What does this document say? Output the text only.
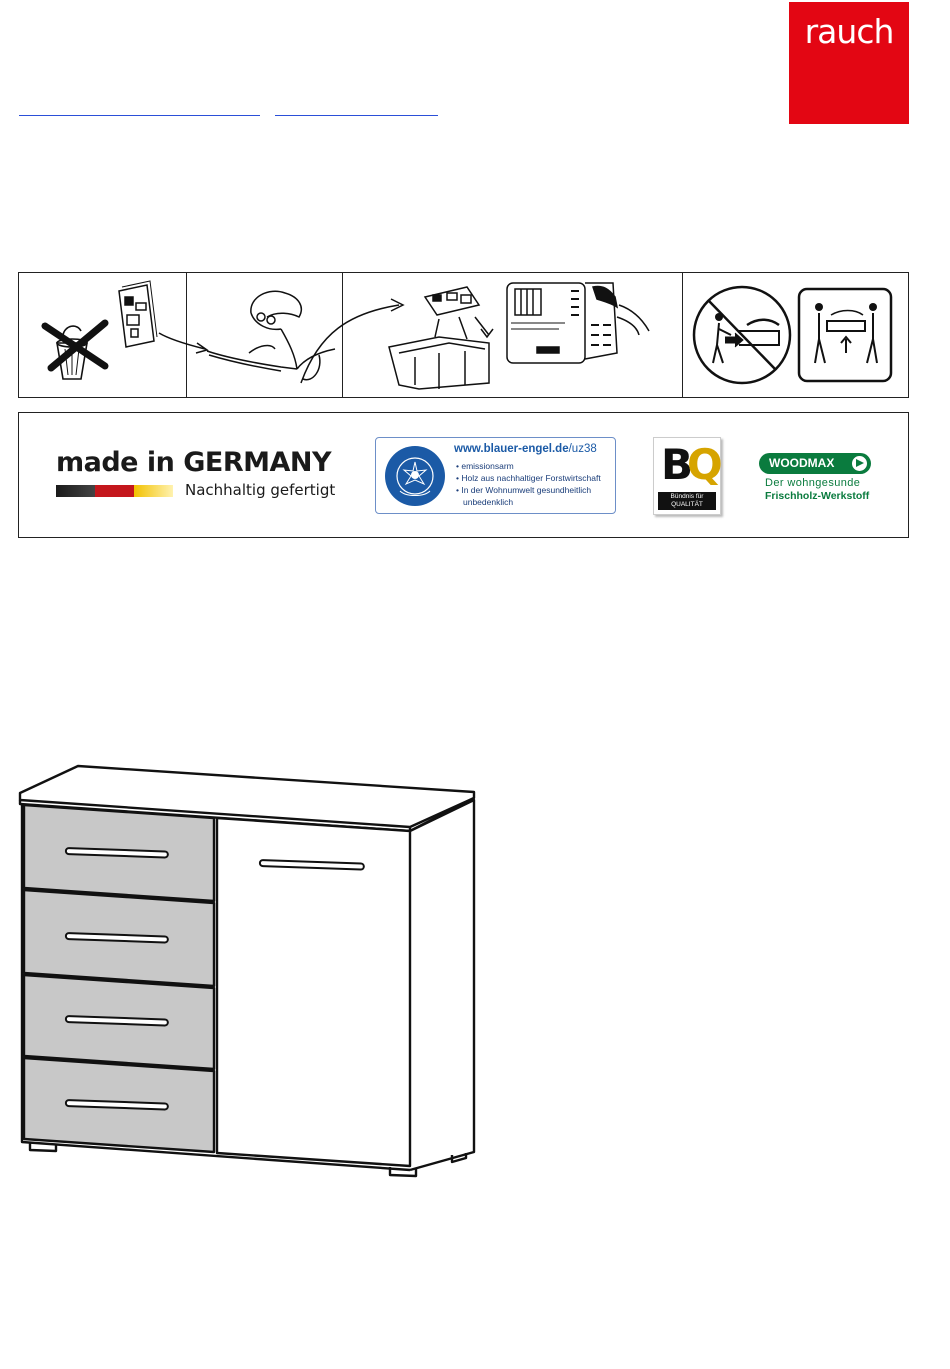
rauch
made in GERMANY
Nachhaltig gefertigt
www.blauer-engel.de/uz38
• emissionsarm
• Holz aus nachhaltiger Forstwirtschaft
• In der Wohnumwelt gesundheitlich
unbedenklich
BQ
Bündnis für
QUALITÄT
WOODMAX
Der wohngesunde
Frischholz-Werkstoff
